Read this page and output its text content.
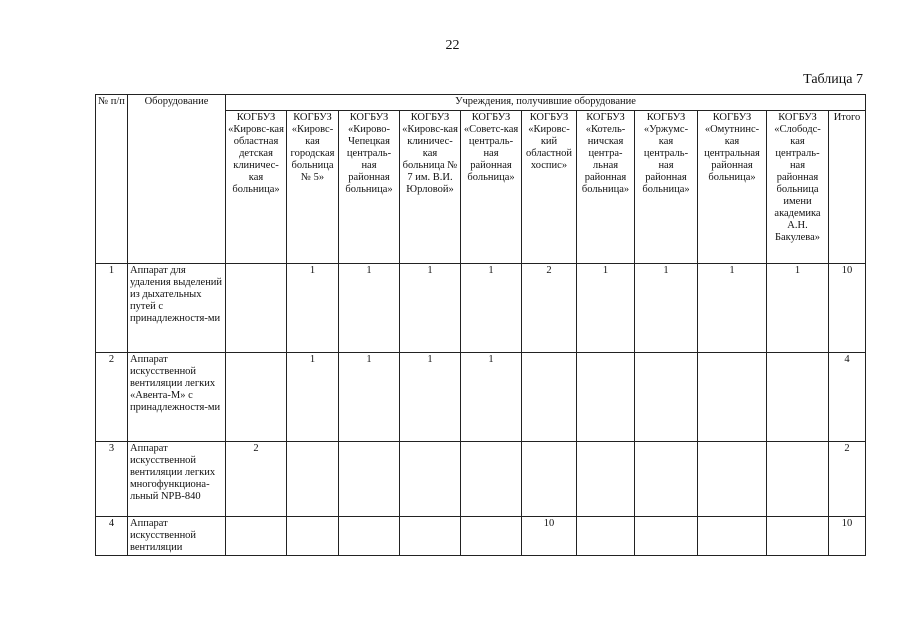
22
Таблица 7
№ п/п	Оборудование	Учреждения, получившие оборудование										
		КОГБУЗ «Кировс-кая областная детская клиничес-кая больница»	КОГБУЗ «Кировс-кая городская больница № 5»	КОГБУЗ «Кирово-Чепецкая централь-ная районная больница»	КОГБУЗ «Кировс-кая клиничес-кая больница № 7 им. В.И. Юрловой»	КОГБУЗ «Советс-кая централь-ная районная больница»	КОГБУЗ «Кировс-кий областной хоспис»	КОГБУЗ «Котель-ничская центра-льная районная больница»	КОГБУЗ «Уржумс-кая централь-ная районная больница»	КОГБУЗ «Омутнинс-кая центральная районная больница»	КОГБУЗ «Слободс-кая централь-ная районная больница имени академика А.Н. Бакулева»	Итого
1	Аппарат для удаления выделений из дыхательных путей с принадлежностя-ми		1	1	1	1	2	1	1	1	1	10
2	Аппарат искусственной вентиляции легких «Авента-М» с принадлежностя-ми		1	1	1	1						4
3	Аппарат искусственной вентиляции легких многофункциона-льный NPB-840	2										2
4	Аппарат искусственной вентиляции						10					10
